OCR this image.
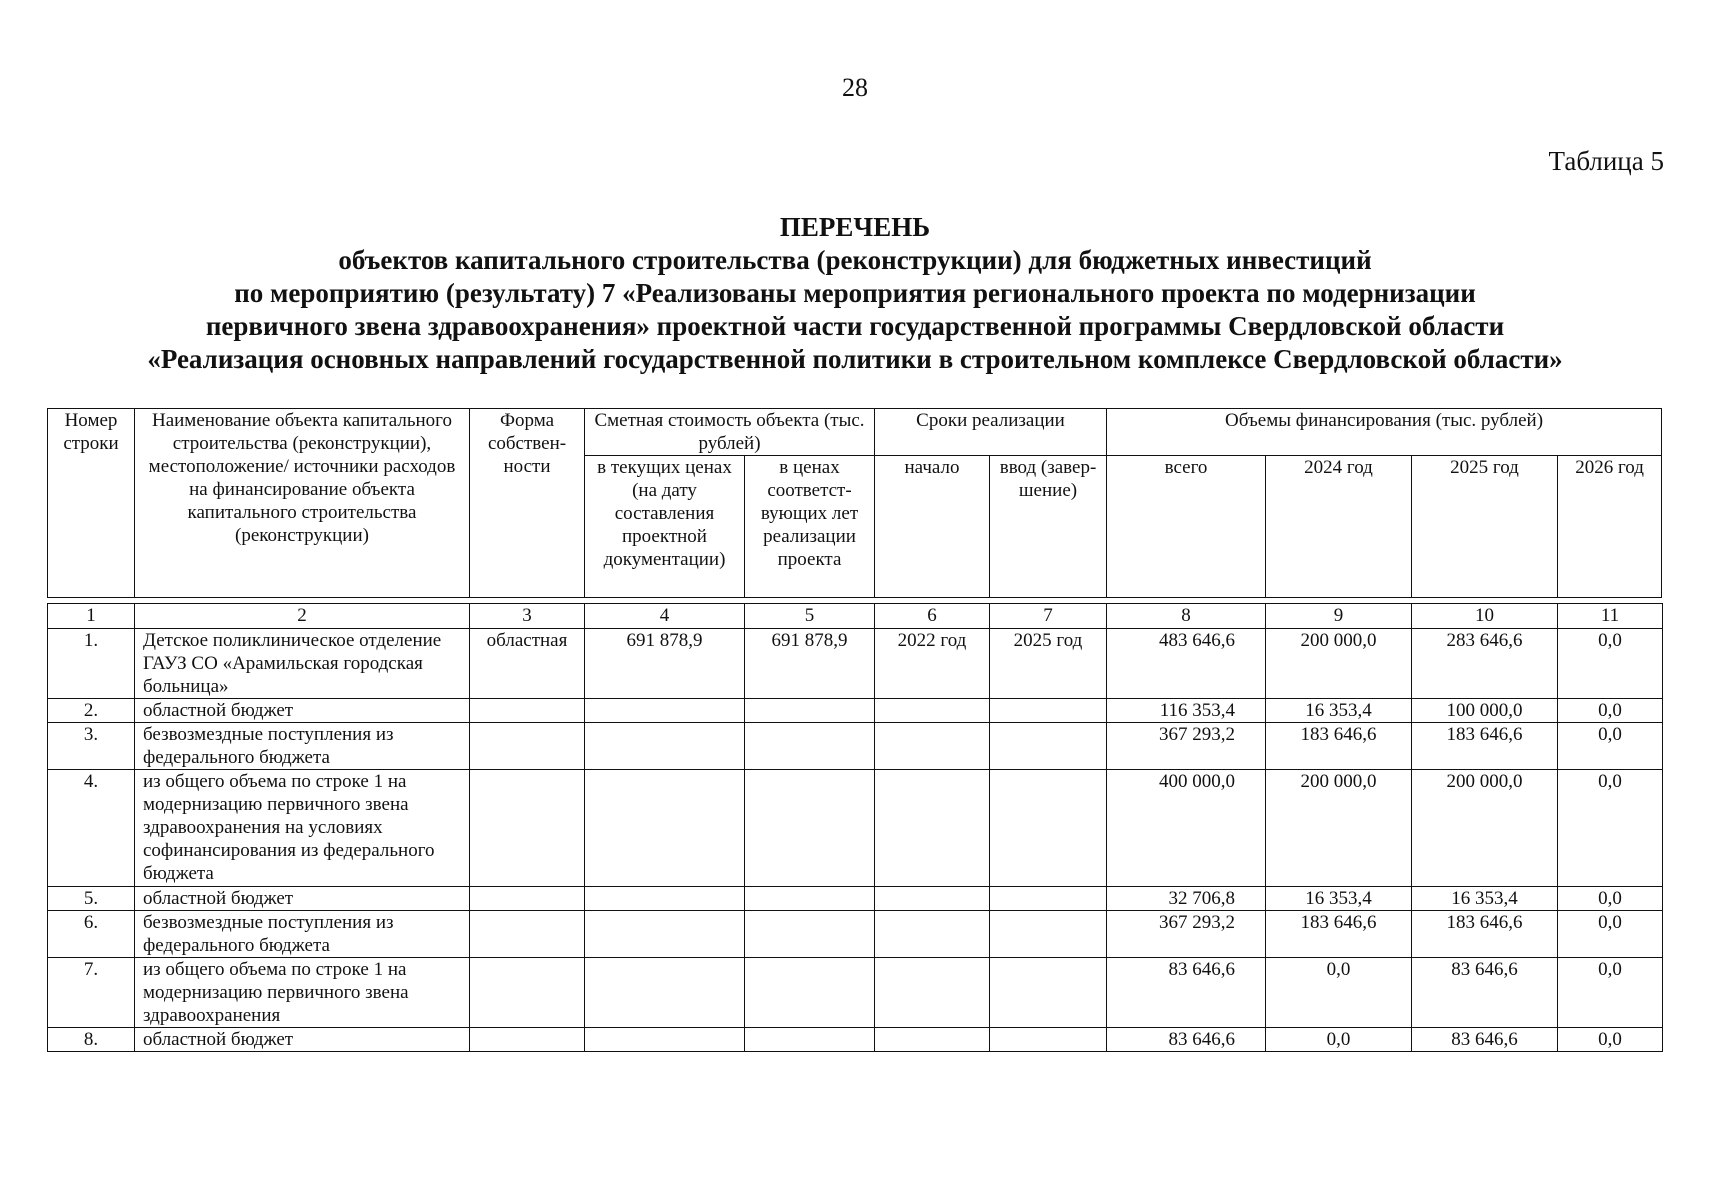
28
Таблица 5
ПЕРЕЧЕНЬ
объектов капитального строительства (реконструкции) для бюджетных инвестиций
по мероприятию (результату) 7 «Реализованы мероприятия регионального проекта по модернизации
первичного звена здравоохранения» проектной части государственной программы Свердловской области
«Реализация основных направлений государственной политики в строительном комплексе Свердловской области»
Номер строки	Наименование объекта капитального строительства (реконструкции), местоположение/ источники расходов на финансирование объекта капитального строительства (реконструкции)	Форма собствен- ности	Сметная стоимость объекта (тыс. рублей)		Сроки реализации		Объемы финансирования (тыс. рублей)			
			в текущих ценах (на дату составления проектной документации)	в ценах соответст- вующих лет реализации проекта	начало	ввод (завер- шение)	всего	2024 год	2025 год	2026 год
1	2	3	4	5	6	7	8	9	10	11
1.	Детское поликлиническое отделение ГАУЗ СО «Арамильская городская больница»	областная	691 878,9	691 878,9	2022 год	2025 год	483 646,6	200 000,0	283 646,6	0,0
2.	областной бюджет						116 353,4	16 353,4	100 000,0	0,0
3.	безвозмездные поступления из федерального бюджета						367 293,2	183 646,6	183 646,6	0,0
4.	из общего объема по строке 1 на модернизацию первичного звена здравоохранения на условиях софинансирования из федерального бюджета						400 000,0	200 000,0	200 000,0	0,0
5.	областной бюджет						32 706,8	16 353,4	16 353,4	0,0
6.	безвозмездные поступления из федерального бюджета						367 293,2	183 646,6	183 646,6	0,0
7.	из общего объема по строке 1 на модернизацию первичного звена здравоохранения						83 646,6	0,0	83 646,6	0,0
8.	областной бюджет						83 646,6	0,0	83 646,6	0,0
